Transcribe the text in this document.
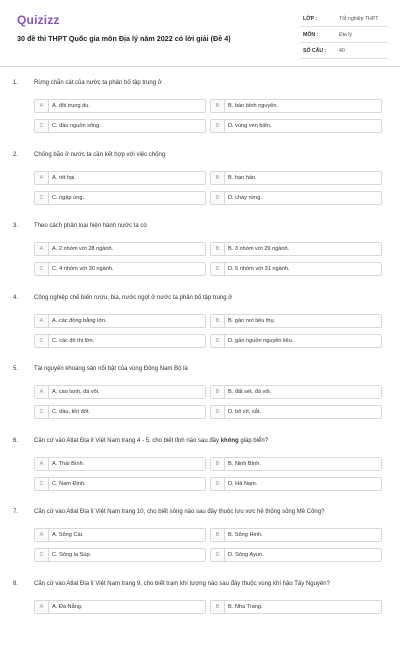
Quizizz
30 đề thi THPT Quốc gia môn Địa lý năm 2022 có lời giải (Đề 4)
LỚP :	Tốt nghiệp THPT
MÔN :	Địa lý
SỐ CÂU : 40
1.	Rừng chắn cát của nước ta phân bố tập trung ở
A	A. đồi trung du.	B	B. bán bình nguyên.
C	C. đầu nguồn sông.	D	D. vùng ven biển.
2.	Chống bão ở nước ta cần kết hợp với việc chống
A	A. rét hại.	B	B. hạn hán.
C	C. ngập úng.	D	D. cháy rừng.
3.	Theo cách phân loại hiện hành nước ta có
A	A. 2 nhóm với 28 ngành.	B	B. 3 nhóm với 29 ngành.
C	C. 4 nhóm với 30 ngành.	D	D. 5 nhóm với 31 ngành.
4.	Công nghiệp chế biến rượu, bia, nước ngọt ở nước ta phân bố tập trung ở
A	A. các đồng bằng lớn.	B	B. gần nơi tiêu thụ.
C	C. các đô thị lớn.	D	D. gần nguồn nguyên liệu.
5.	Tài nguyên khoáng sản nổi bật của vùng Đông Nam Bộ là
A	A. cao lanh, đá vôi.	B	B. đất sét, đá vôi.
C	C. dầu, khí đốt.	D	D. bô xít, sắt.
6.	Căn cứ vào Atlat Địa lí Việt Nam trang 4 - 5, cho biết tỉnh nào sau đây không giáp biển?
A	A. Thái Bình.	B	B. Ninh Bình.
C	C. Nam Định.	D	D. Hà Nam.
7.	Căn cứ vào Atlat Địa lí Việt Nam trang 10, cho biết sông nào sau đây thuộc lưu vực hệ thống sông Mê Công?
A	A. Sông Cái.	B	B. Sông Hinh.
C	C. Sông la Súp.	D	D. Sông Ayun.
8.	Căn cứ vào Atlat Địa lí Việt Nam trang 9, cho biết trạm khí tượng nào sau đây thuộc vùng khí hậu Tây Nguyên?
A	A. Đà Nẵng.	B	B. Nha Trang.
